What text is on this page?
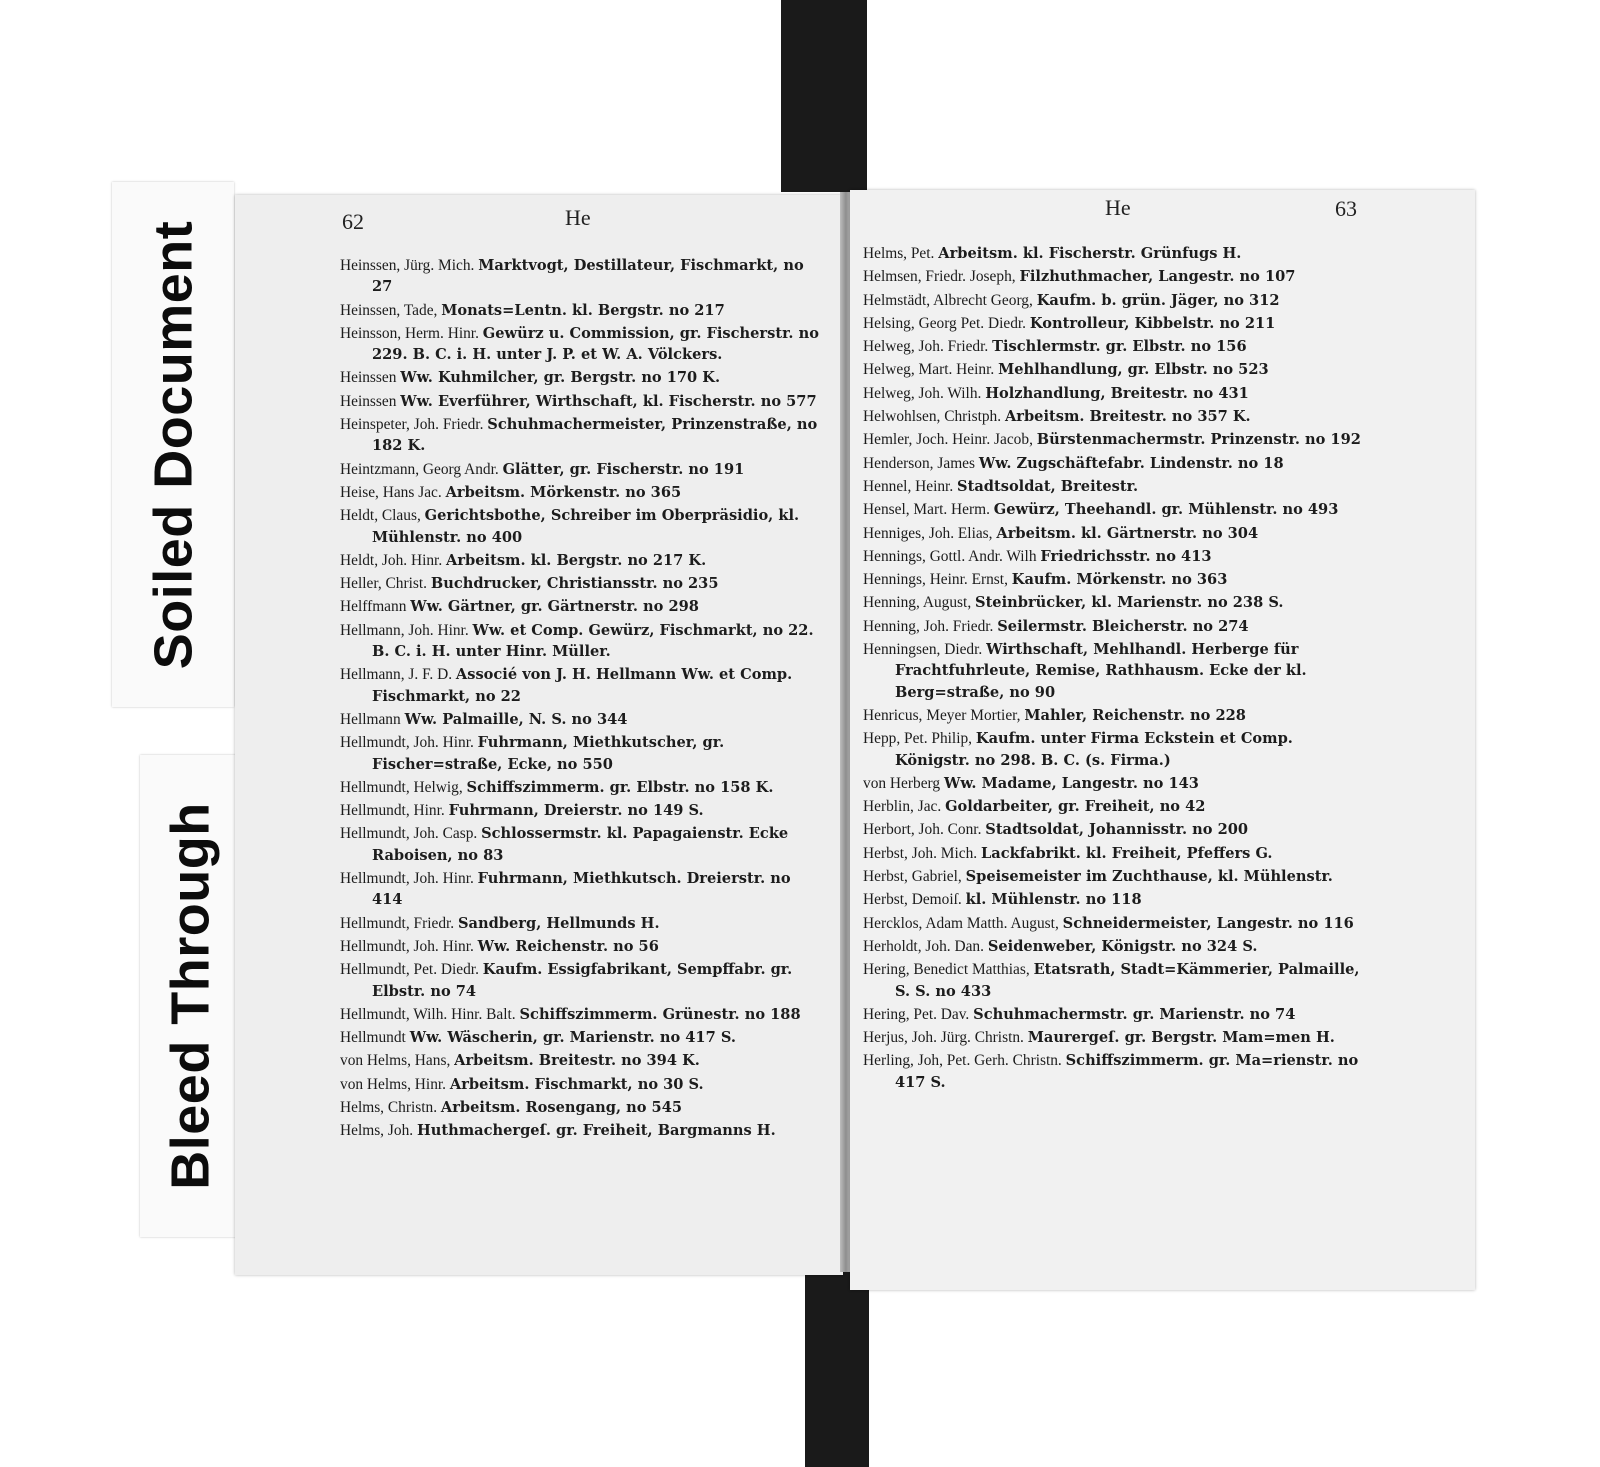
Soiled Document
Bleed Through
62	He
Heinssen, Jürg. Mich. Marktvogt, Destillateur, Fischmarkt, no 27
Heinssen, Tade, Monats=Lentn. kl. Bergstr. no 217
Heinsson, Herm. Hinr. Gewürz u. Commission, gr. Fischerstr. no 229. B. C. i. H. unter J. P. et W. A. Völckers.
Heinssen Ww. Kuhmilcher, gr. Bergstr. no 170 K.
Heinssen Ww. Everführer, Wirthschaft, kl. Fischerstr. no 577
Heinspeter, Joh. Friedr. Schuhmachermeister, Prinzenstraße, no 182 K.
Heintzmann, Georg Andr. Glätter, gr. Fischerstr. no 191
Heise, Hans Jac. Arbeitsm. Mörkenstr. no 365
Heldt, Claus, Gerichtsbothe, Schreiber im Oberpräsidio, kl. Mühlenstr. no 400
Heldt, Joh. Hinr. Arbeitsm. kl. Bergstr. no 217 K.
Heller, Christ. Buchdrucker, Christiansstr. no 235
Helffmann Ww. Gärtner, gr. Gärtnerstr. no 298
Hellmann, Joh. Hinr. Ww. et Comp. Gewürz, Fischmarkt, no 22. B. C. i. H. unter Hinr. Müller.
Hellmann, J. F. D. Associé von J. H. Hellmann Ww. et Comp. Fischmarkt, no 22
Hellmann Ww. Palmaille, N. S. no 344
Hellmundt, Joh. Hinr. Fuhrmann, Miethkutscher, gr. Fischer=straße, Ecke, no 550
Hellmundt, Helwig, Schiffszimmerm. gr. Elbstr. no 158 K.
Hellmundt, Hinr. Fuhrmann, Dreierstr. no 149 S.
Hellmundt, Joh. Casp. Schlossermstr. kl. Papagaienstr. Ecke Raboisen, no 83
Hellmundt, Joh. Hinr. Fuhrmann, Miethkutsch. Dreierstr. no 414
Hellmundt, Friedr. Sandberg, Hellmunds H.
Hellmundt, Joh. Hinr. Ww. Reichenstr. no 56
Hellmundt, Pet. Diedr. Kaufm. Essigfabrikant, Sempffabr. gr. Elbstr. no 74
Hellmundt, Wilh. Hinr. Balt. Schiffszimmerm. Grünestr. no 188
Hellmundt Ww. Wäscherin, gr. Marienstr. no 417 S.
von Helms, Hans, Arbeitsm. Breitestr. no 394 K.
von Helms, Hinr. Arbeitsm. Fischmarkt, no 30 S.
Helms, Christn. Arbeitsm. Rosengang, no 545
Helms, Joh. Huthmachergeſ. gr. Freiheit, Bargmanns H.
He	63
Helms, Pet. Arbeitsm. kl. Fischerstr. Grünfugs H.
Helmsen, Friedr. Joseph, Filzhuthmacher, Langestr. no 107
Helmstädt, Albrecht Georg, Kaufm. b. grün. Jäger, no 312
Helsing, Georg Pet. Diedr. Kontrolleur, Kibbelstr. no 211
Helweg, Joh. Friedr. Tischlermstr. gr. Elbstr. no 156
Helweg, Mart. Heinr. Mehlhandlung, gr. Elbstr. no 523
Helweg, Joh. Wilh. Holzhandlung, Breitestr. no 431
Helwohlsen, Christph. Arbeitsm. Breitestr. no 357 K.
Hemler, Joch. Heinr. Jacob, Bürstenmachermstr. Prinzenstr. no 192
Henderson, James Ww. Zugschäftefabr. Lindenstr. no 18
Hennel, Heinr. Stadtsoldat, Breitestr.
Hensel, Mart. Herm. Gewürz, Theehandl. gr. Mühlenstr. no 493
Henniges, Joh. Elias, Arbeitsm. kl. Gärtnerstr. no 304
Hennings, Gottl. Andr. Wilh Friedrichsstr. no 413
Hennings, Heinr. Ernst, Kaufm. Mörkenstr. no 363
Henning, August, Steinbrücker, kl. Marienstr. no 238 S.
Henning, Joh. Friedr. Seilermstr. Bleicherstr. no 274
Henningsen, Diedr. Wirthschaft, Mehlhandl. Herberge für Frachtfuhrleute, Remise, Rathhausm. Ecke der kl. Berg=straße, no 90
Henricus, Meyer Mortier, Mahler, Reichenstr. no 228
Hepp, Pet. Philip, Kaufm. unter Firma Eckstein et Comp. Königstr. no 298. B. C. (s. Firma.)
von Herberg Ww. Madame, Langestr. no 143
Herblin, Jac. Goldarbeiter, gr. Freiheit, no 42
Herbort, Joh. Conr. Stadtsoldat, Johannisstr. no 200
Herbst, Joh. Mich. Lackfabrikt. kl. Freiheit, Pfeffers G.
Herbst, Gabriel, Speisemeister im Zuchthause, kl. Mühlenstr.
Herbst, Demoiſ. kl. Mühlenstr. no 118
Hercklos, Adam Matth. August, Schneidermeister, Langestr. no 116
Herholdt, Joh. Dan. Seidenweber, Königstr. no 324 S.
Hering, Benedict Matthias, Etatsrath, Stadt=Kämmerier, Palmaille, S. S. no 433
Hering, Pet. Dav. Schuhmachermstr. gr. Marienstr. no 74
Herjus, Joh. Jürg. Christn. Maurergeſ. gr. Bergstr. Mam=men H.
Herling, Joh, Pet. Gerh. Christn. Schiffszimmerm. gr. Ma=rienstr. no 417 S.
